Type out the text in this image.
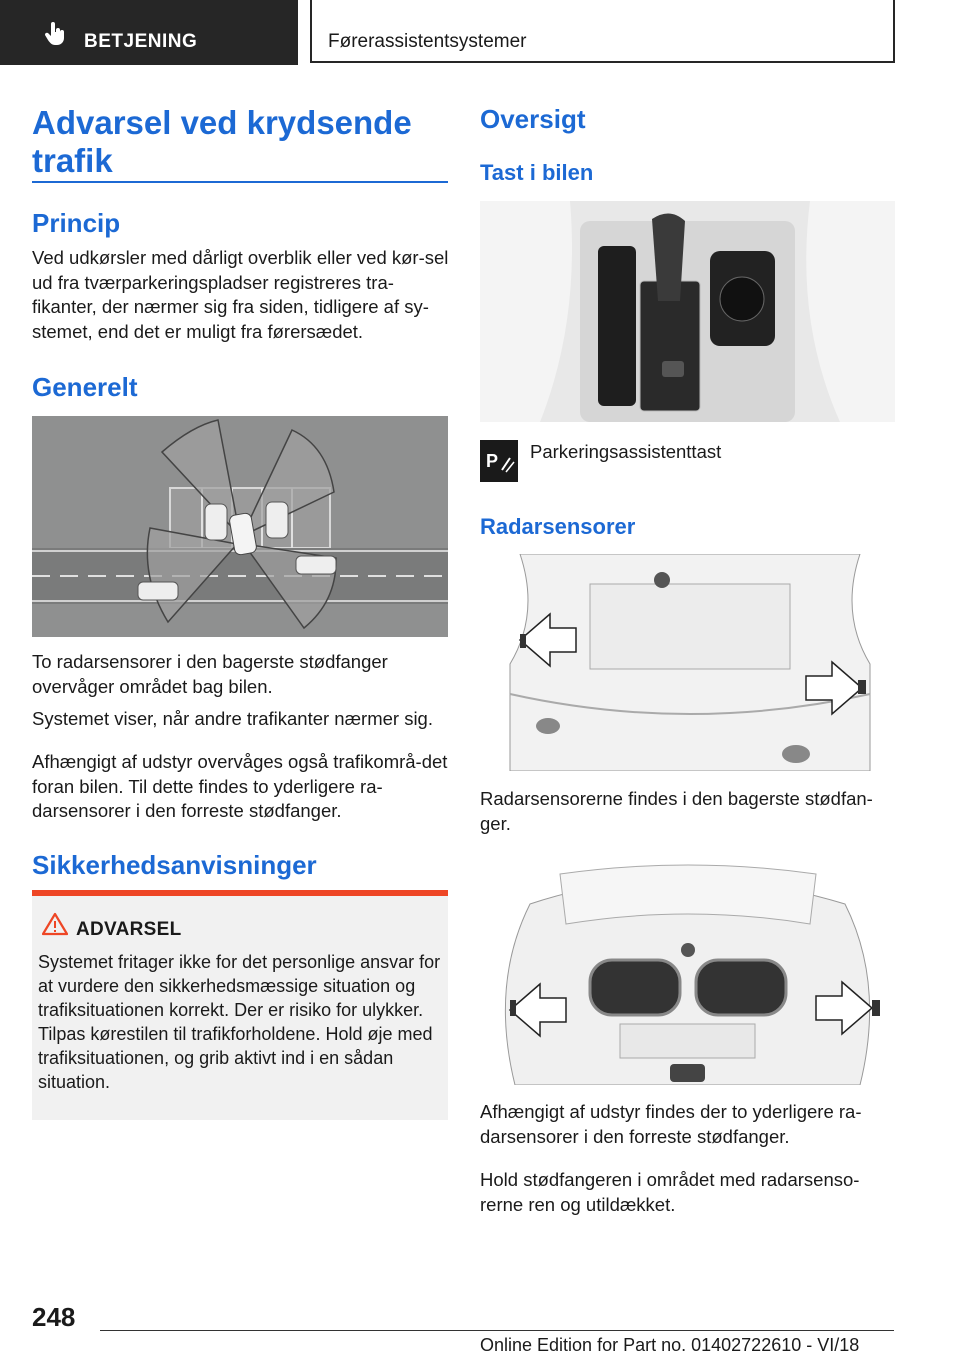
BETJENING	Førerassistentsystemer
Advarsel ved krydsende trafik
Princip
Ved udkørsler med dårligt overblik eller ved kør-sel ud fra tværparkeringspladser registreres tra-fikanter, der nærmer sig fra siden, tidligere af sy-stemet, end det er muligt fra førersædet.
Generelt
To radarsensorer i den bagerste stødfanger overvåger området bag bilen.
Systemet viser, når andre trafikanter nærmer sig.
Afhængigt af udstyr overvåges også trafikområ-det foran bilen. Til dette findes to yderligere ra-darsensorer i den forreste stødfanger.
Sikkerhedsanvisninger
ADVARSEL
Systemet fritager ikke for det personlige ansvar for at vurdere den sikkerhedsmæssige situation og trafiksituationen korrekt. Der er risiko for ulykker. Tilpas kørestilen til trafikforholdene. Hold øje med trafiksituationen, og grib aktivt ind i en sådan situation.
Oversigt
Tast i bilen
P Parkeringsassistenttast
Radarsensorer
Radarsensorerne findes i den bagerste stødfan-ger.
Afhængigt af udstyr findes der to yderligere ra-darsensorer i den forreste stødfanger.
Hold stødfangeren i området med radarsenso-rerne ren og utildækket.
248
Online Edition for Part no. 01402722610 - VI/18
